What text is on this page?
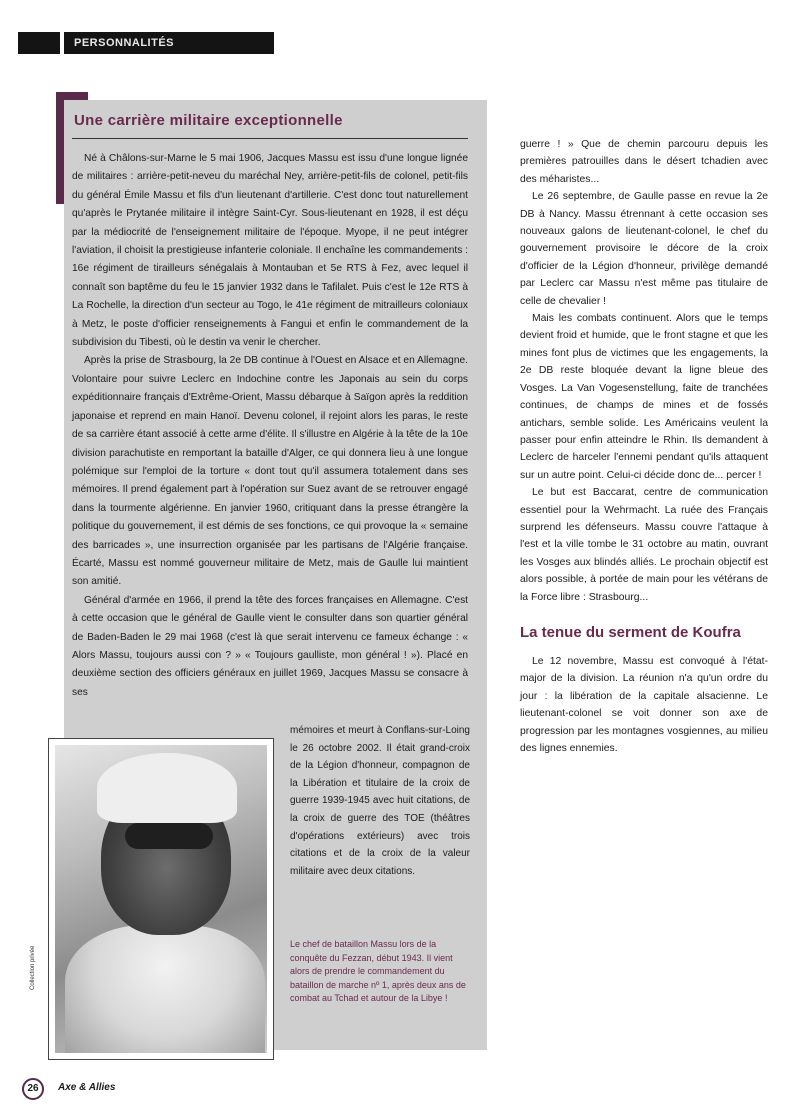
PERSONNALITÉS
Une carrière militaire exceptionnelle

Né à Châlons-sur-Marne le 5 mai 1906, Jacques Massu est issu d'une longue lignée de militaires : arrière-petit-neveu du maréchal Ney, arrière-petit-fils de colonel, petit-fils du général Émile Massu et fils d'un lieutenant d'artillerie. C'est donc tout naturellement qu'après le Prytanée militaire il intègre Saint-Cyr. Sous-lieutenant en 1928, il est déçu par la médiocrité de l'enseignement militaire de l'époque. Myope, il ne peut intégrer l'aviation, il choisit la prestigieuse infanterie coloniale. Il enchaîne les commandements : 16e régiment de tirailleurs sénégalais à Montauban et 5e RTS à Fez, avec lequel il connaît son baptême du feu le 15 janvier 1932 dans le Tafilalet. Puis c'est le 12e RTS à La Rochelle, la direction d'un secteur au Togo, le 41e régiment de mitrailleurs coloniaux à Metz, le poste d'officier renseignements à Fangui et enfin le commandement de la subdivision du Tibesti, où le destin va venir le chercher.

Après la prise de Strasbourg, la 2e DB continue à l'Ouest en Alsace et en Allemagne. Volontaire pour suivre Leclerc en Indochine contre les Japonais au sein du corps expéditionnaire français d'Extrême-Orient, Massu débarque à Saïgon après la reddition japonaise et reprend en main Hanoï. Devenu colonel, il rejoint alors les paras, le reste de sa carrière étant associé à cette arme d'élite. Il s'illustre en Algérie à la tête de la 10e division parachutiste en remportant la bataille d'Alger, ce qui donnera lieu à une longue polémique sur l'emploi de la torture « dont tout qu'il assumera totalement dans ses mémoires. Il prend également part à l'opération sur Suez avant de se retrouver engagé dans la tourmente algérienne. En janvier 1960, critiquant dans la presse étrangère la politique du gouvernement, il est démis de ses fonctions, ce qui provoque la « semaine des barricades », une insurrection organisée par les partisans de l'Algérie française. Écarté, Massu est nommé gouverneur militaire de Metz, mais de Gaulle lui maintient son amitié.

Général d'armée en 1966, il prend la tête des forces françaises en Allemagne. C'est à cette occasion que le général de Gaulle vient le consulter dans son quartier général de Baden-Baden le 29 mai 1968 (c'est là que serait intervenu ce fameux échange : « Alors Massu, toujours aussi con ? » « Toujours gaulliste, mon général ! »). Placé en deuxième section des officiers généraux en juillet 1969, Jacques Massu se consacre à ses

mémoires et meurt à Conflans-sur-Loing le 26 octobre 2002. Il était grand-croix de la Légion d'honneur, compagnon de la Libération et titulaire de la croix de guerre 1939-1945 avec huit citations, de la croix de guerre des TOE (théâtres d'opérations extérieurs) avec trois citations et de la croix de la valeur militaire avec deux citations.
Collection privée

Le chef de bataillon Massu lors de la conquête du Fezzan, début 1943. Il vient alors de prendre le commandement du bataillon de marche nº 1, après deux ans de combat au Tchad et autour de la Libye !

guerre ! » Que de chemin parcouru depuis les premières patrouilles dans le désert tchadien avec des méharistes...

Le 26 septembre, de Gaulle passe en revue la 2e DB à Nancy. Massu étrennant à cette occasion ses nouveaux galons de lieutenant-colonel, le chef du gouvernement provisoire le décore de la croix d'officier de la Légion d'honneur, privilège demandé par Leclerc car Massu n'est même pas titulaire de celle de chevalier !

Mais les combats continuent. Alors que le temps devient froid et humide, que le front stagne et que les mines font plus de victimes que les engagements, la 2e DB reste bloquée devant la ligne bleue des Vosges. La Van Vogesenstellung, faite de tranchées continues, de champs de mines et de fossés antichars, semble solide. Les Américains veulent la passer pour enfin atteindre le Rhin. Ils demandent à Leclerc de harceler l'ennemi pendant qu'ils attaquent sur un autre point. Celui-ci décide donc de... percer !

Le but est Baccarat, centre de communication essentiel pour la Wehrmacht. La ruée des Français surprend les défenseurs. Massu couvre l'attaque à l'est et la ville tombe le 31 octobre au matin, ouvrant les Vosges aux blindés alliés. Le prochain objectif est alors possible, à portée de main pour les vétérans de la Force libre : Strasbourg...

La tenue du serment de Koufra

Le 12 novembre, Massu est convoqué à l'état-major de la division. La réunion n'a qu'un ordre du jour : la libération de la capitale alsacienne. Le lieutenant-colonel se voit donner son axe de progression par les montagnes vosgiennes, au milieu des lignes ennemies.

26	Axe & Allies
